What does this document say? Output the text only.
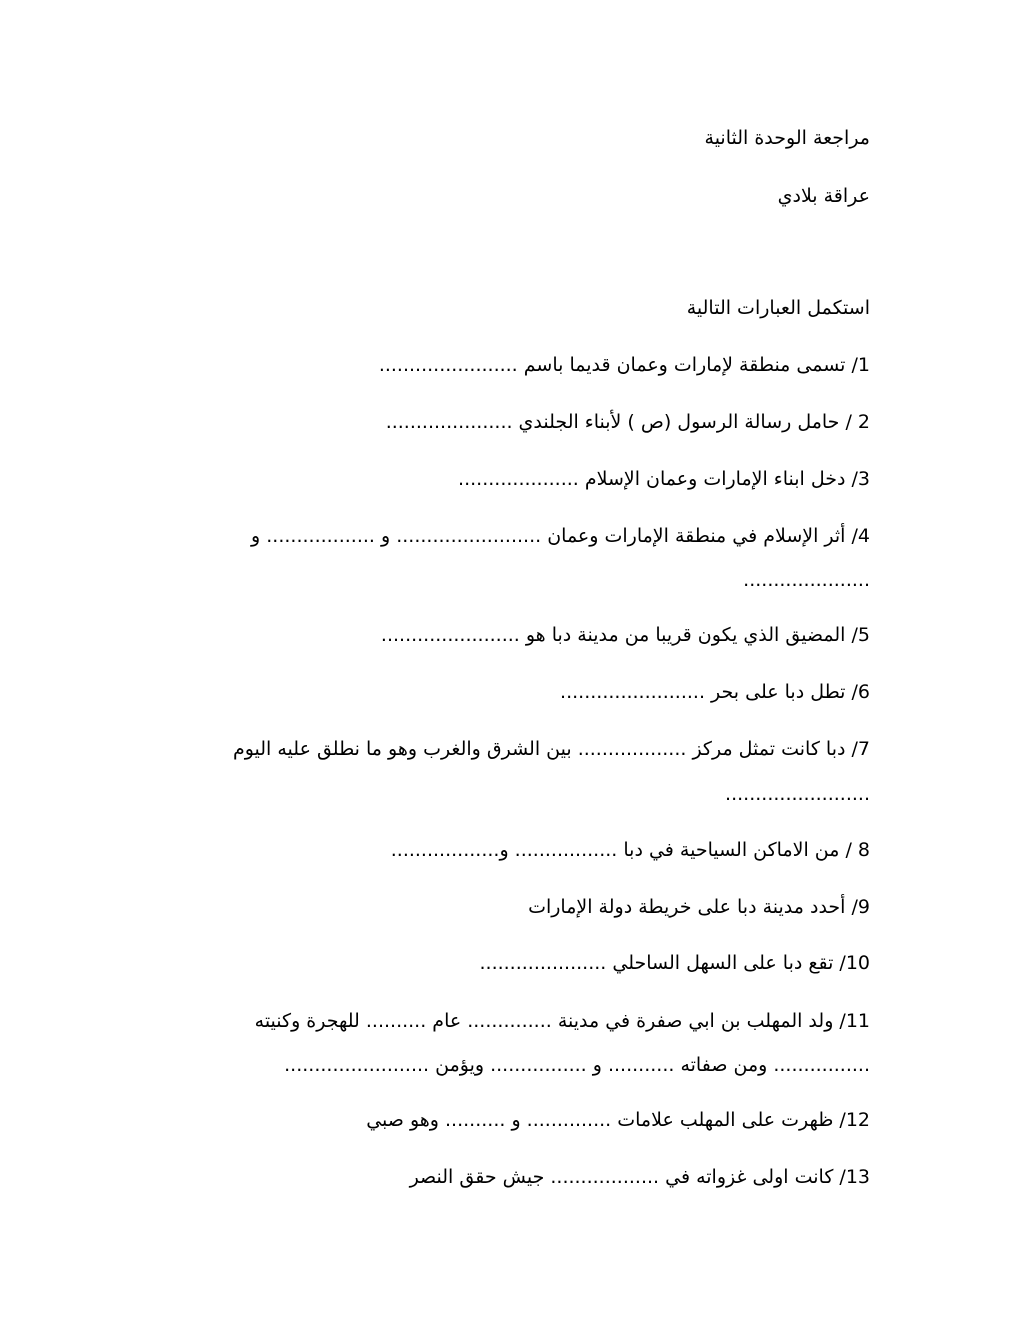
مراجعة الوحدة الثانية
عراقة بلادي
استكمل العبارات التالية
1/ تسمى منطقة لإمارات وعمان قديما باسم .......................
2 / حامل رسالة الرسول (ص ) لأبناء الجلندي .....................
3/ دخل ابناء الإمارات وعمان الإسلام ....................
4/ أثر الإسلام في منطقة الإمارات وعمان ........................ و .................. و
.....................
5/ المضيق الذي يكون قريبا من مدينة دبا هو .......................
6/ تطل دبا على بحر ........................
7/ دبا كانت تمثل مركز .................. بين الشرق والغرب وهو ما نطلق عليه اليوم
........................
8 / من الاماكن السياحية في دبا ................. و..................
9/ أحدد مدينة دبا على خريطة دولة الإمارات
10/ تقع دبا على السهل الساحلي .....................
11/ ولد المهلب بن ابي صفرة في مدينة .............. عام .......... للهجرة وكنيته
................ ومن صفاته ........... و ................ ويؤمن ........................
12/ ظهرت على المهلب علامات .............. و .......... وهو صبي
13/ كانت اولى غزواته في .................. جيش حقق النصر
